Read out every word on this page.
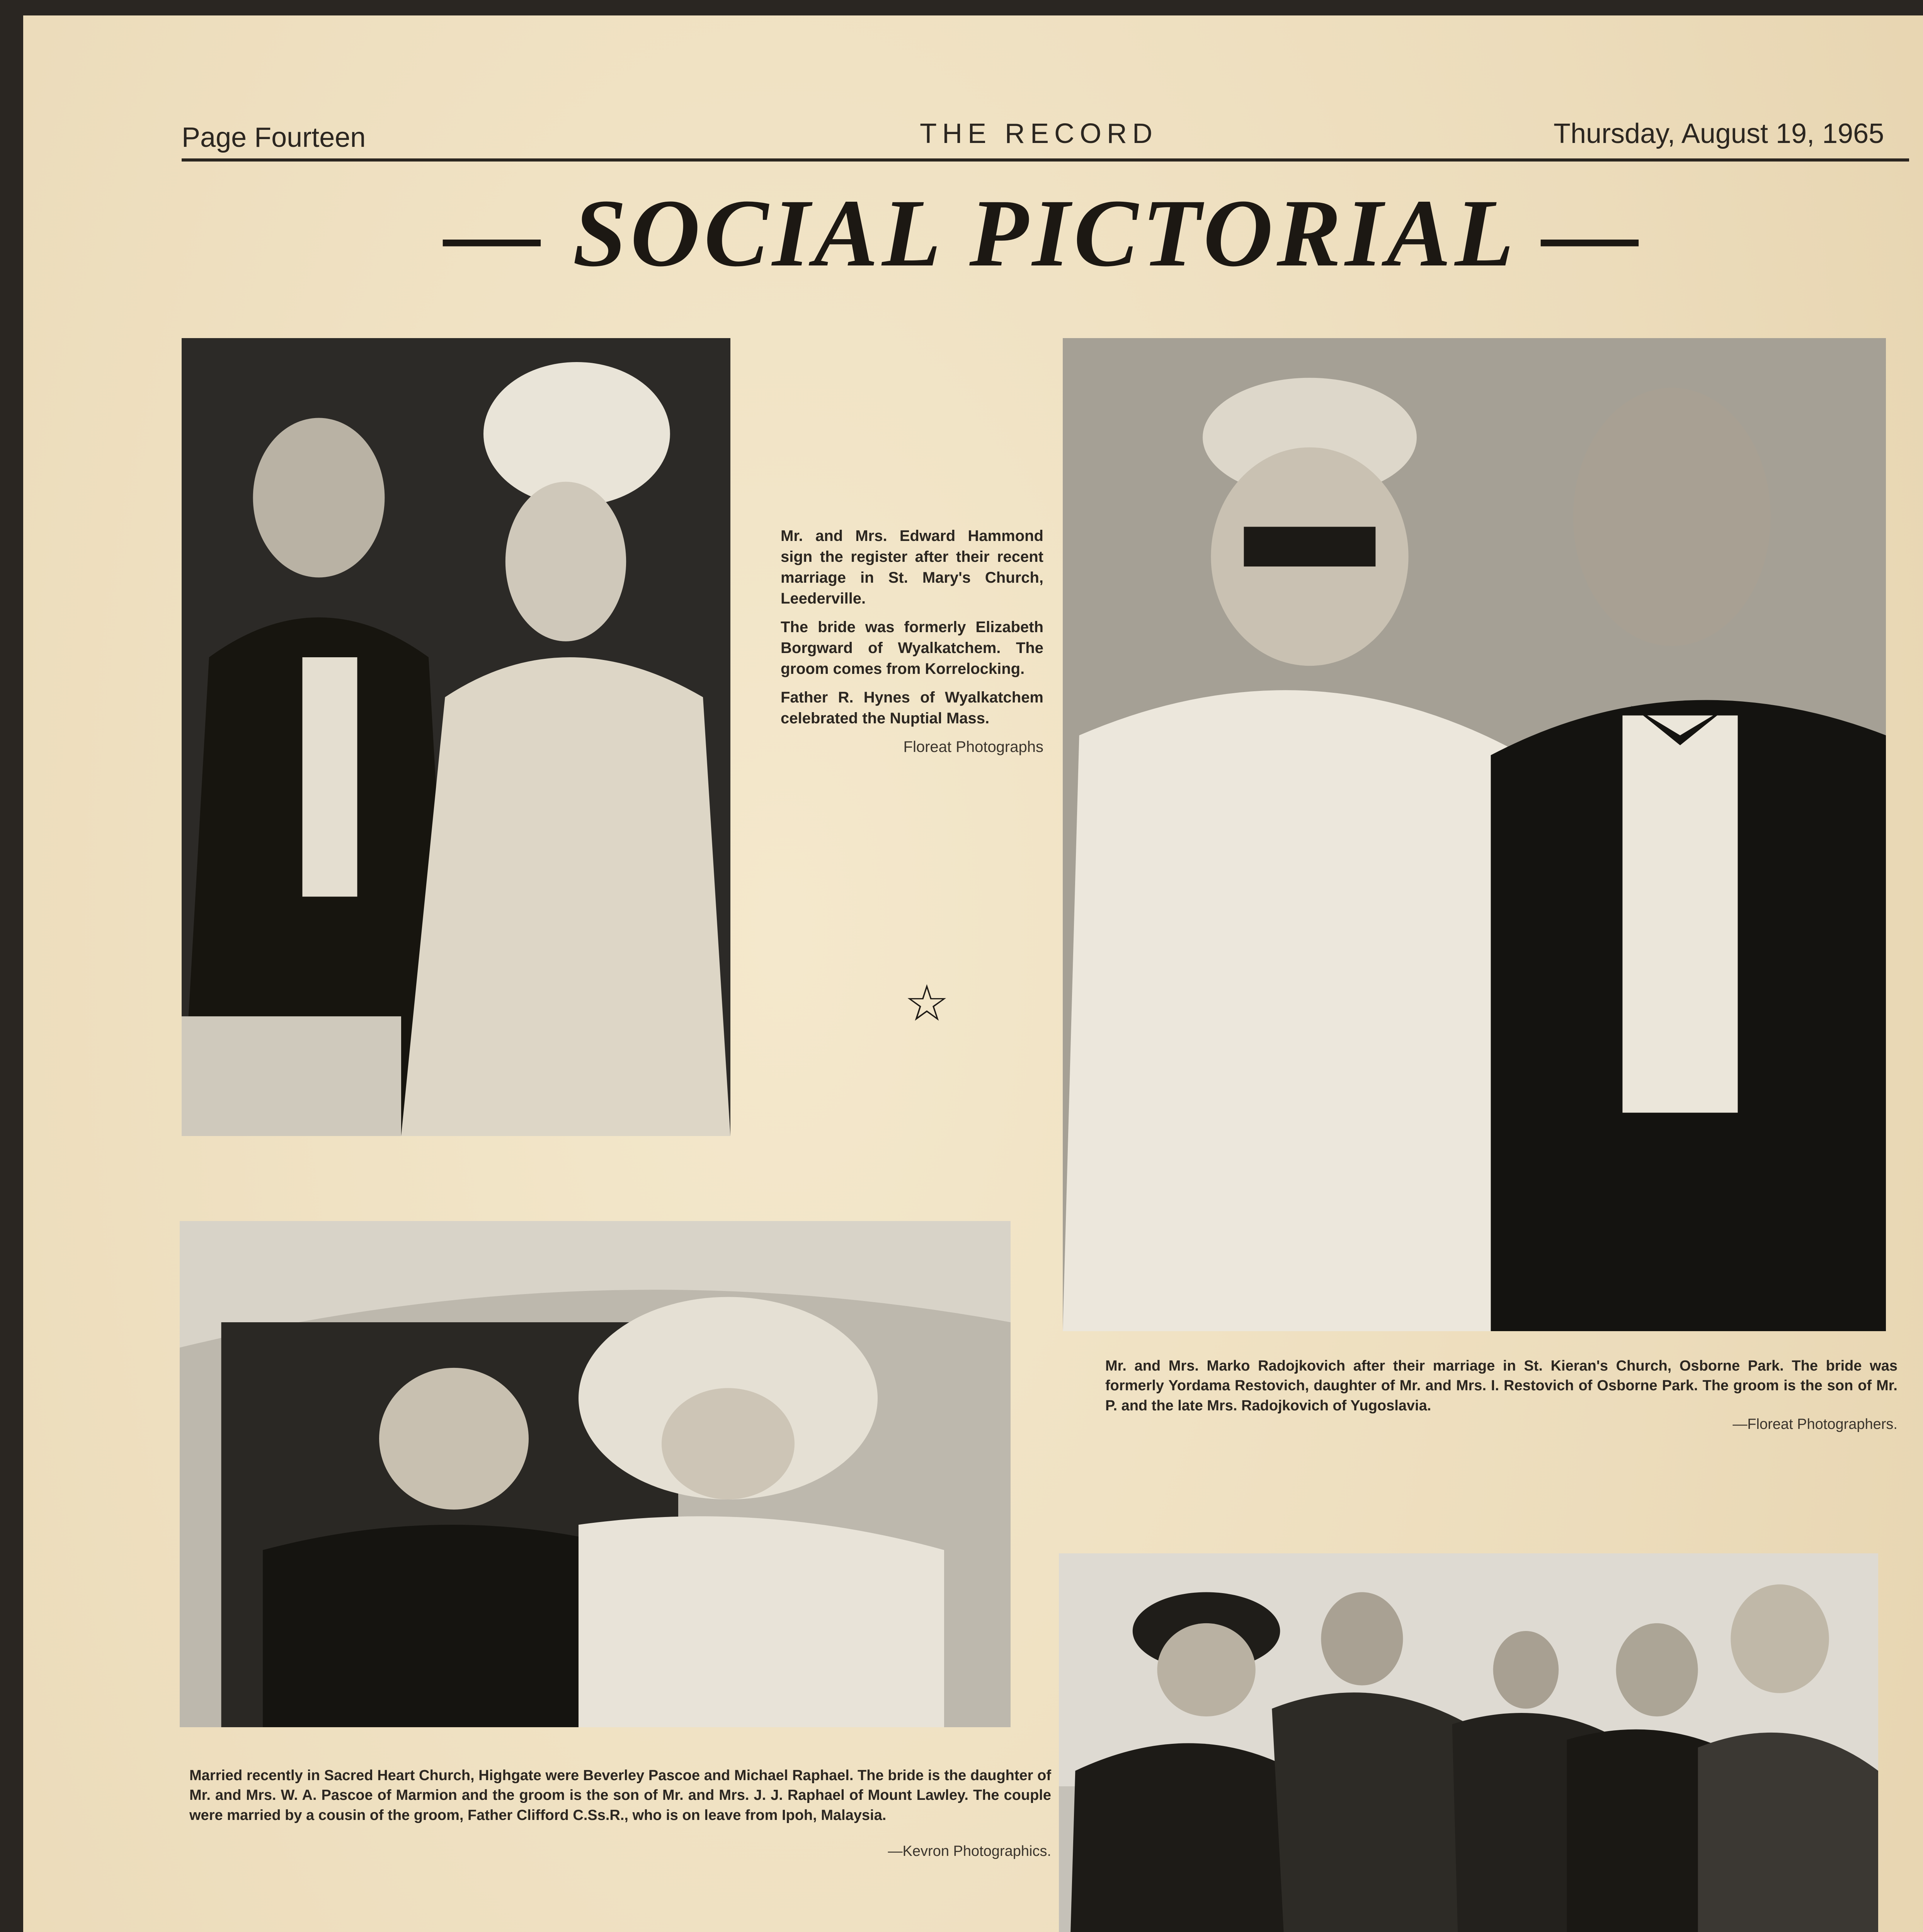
Page Fourteen	THE RECORD	Thursday, August 19, 1965
— SOCIAL PICTORIAL —
Mr. and Mrs. Edward Hammond sign the register after their recent marriage in St. Mary's Church, Leederville.
The bride was formerly Elizabeth Borgward of Wyalkatchem. The groom comes from Korrelocking.
Father R. Hynes of Wyalkatchem celebrated the Nuptial Mass.
Floreat Photographs
☆
Mr. and Mrs. Marko Radojkovich after their marriage in St. Kieran's Church, Osborne Park. The bride was formerly Yordama Restovich, daughter of Mr. and Mrs. I. Restovich of Osborne Park. The groom is the son of Mr. P. and the late Mrs. Radojkovich of Yugoslavia.
—Floreat Photographers.
Married recently in Sacred Heart Church, Highgate were Beverley Pascoe and Michael Raphael. The bride is the daughter of Mr. and Mrs. W. A. Pascoe of Marmion and the groom is the son of Mr. and Mrs. J. J. Raphael of Mount Lawley. The couple were married by a cousin of the groom, Father Clifford C.Ss.R., who is on leave from Ipoh, Malaysia.
—Kevron Photographics.
